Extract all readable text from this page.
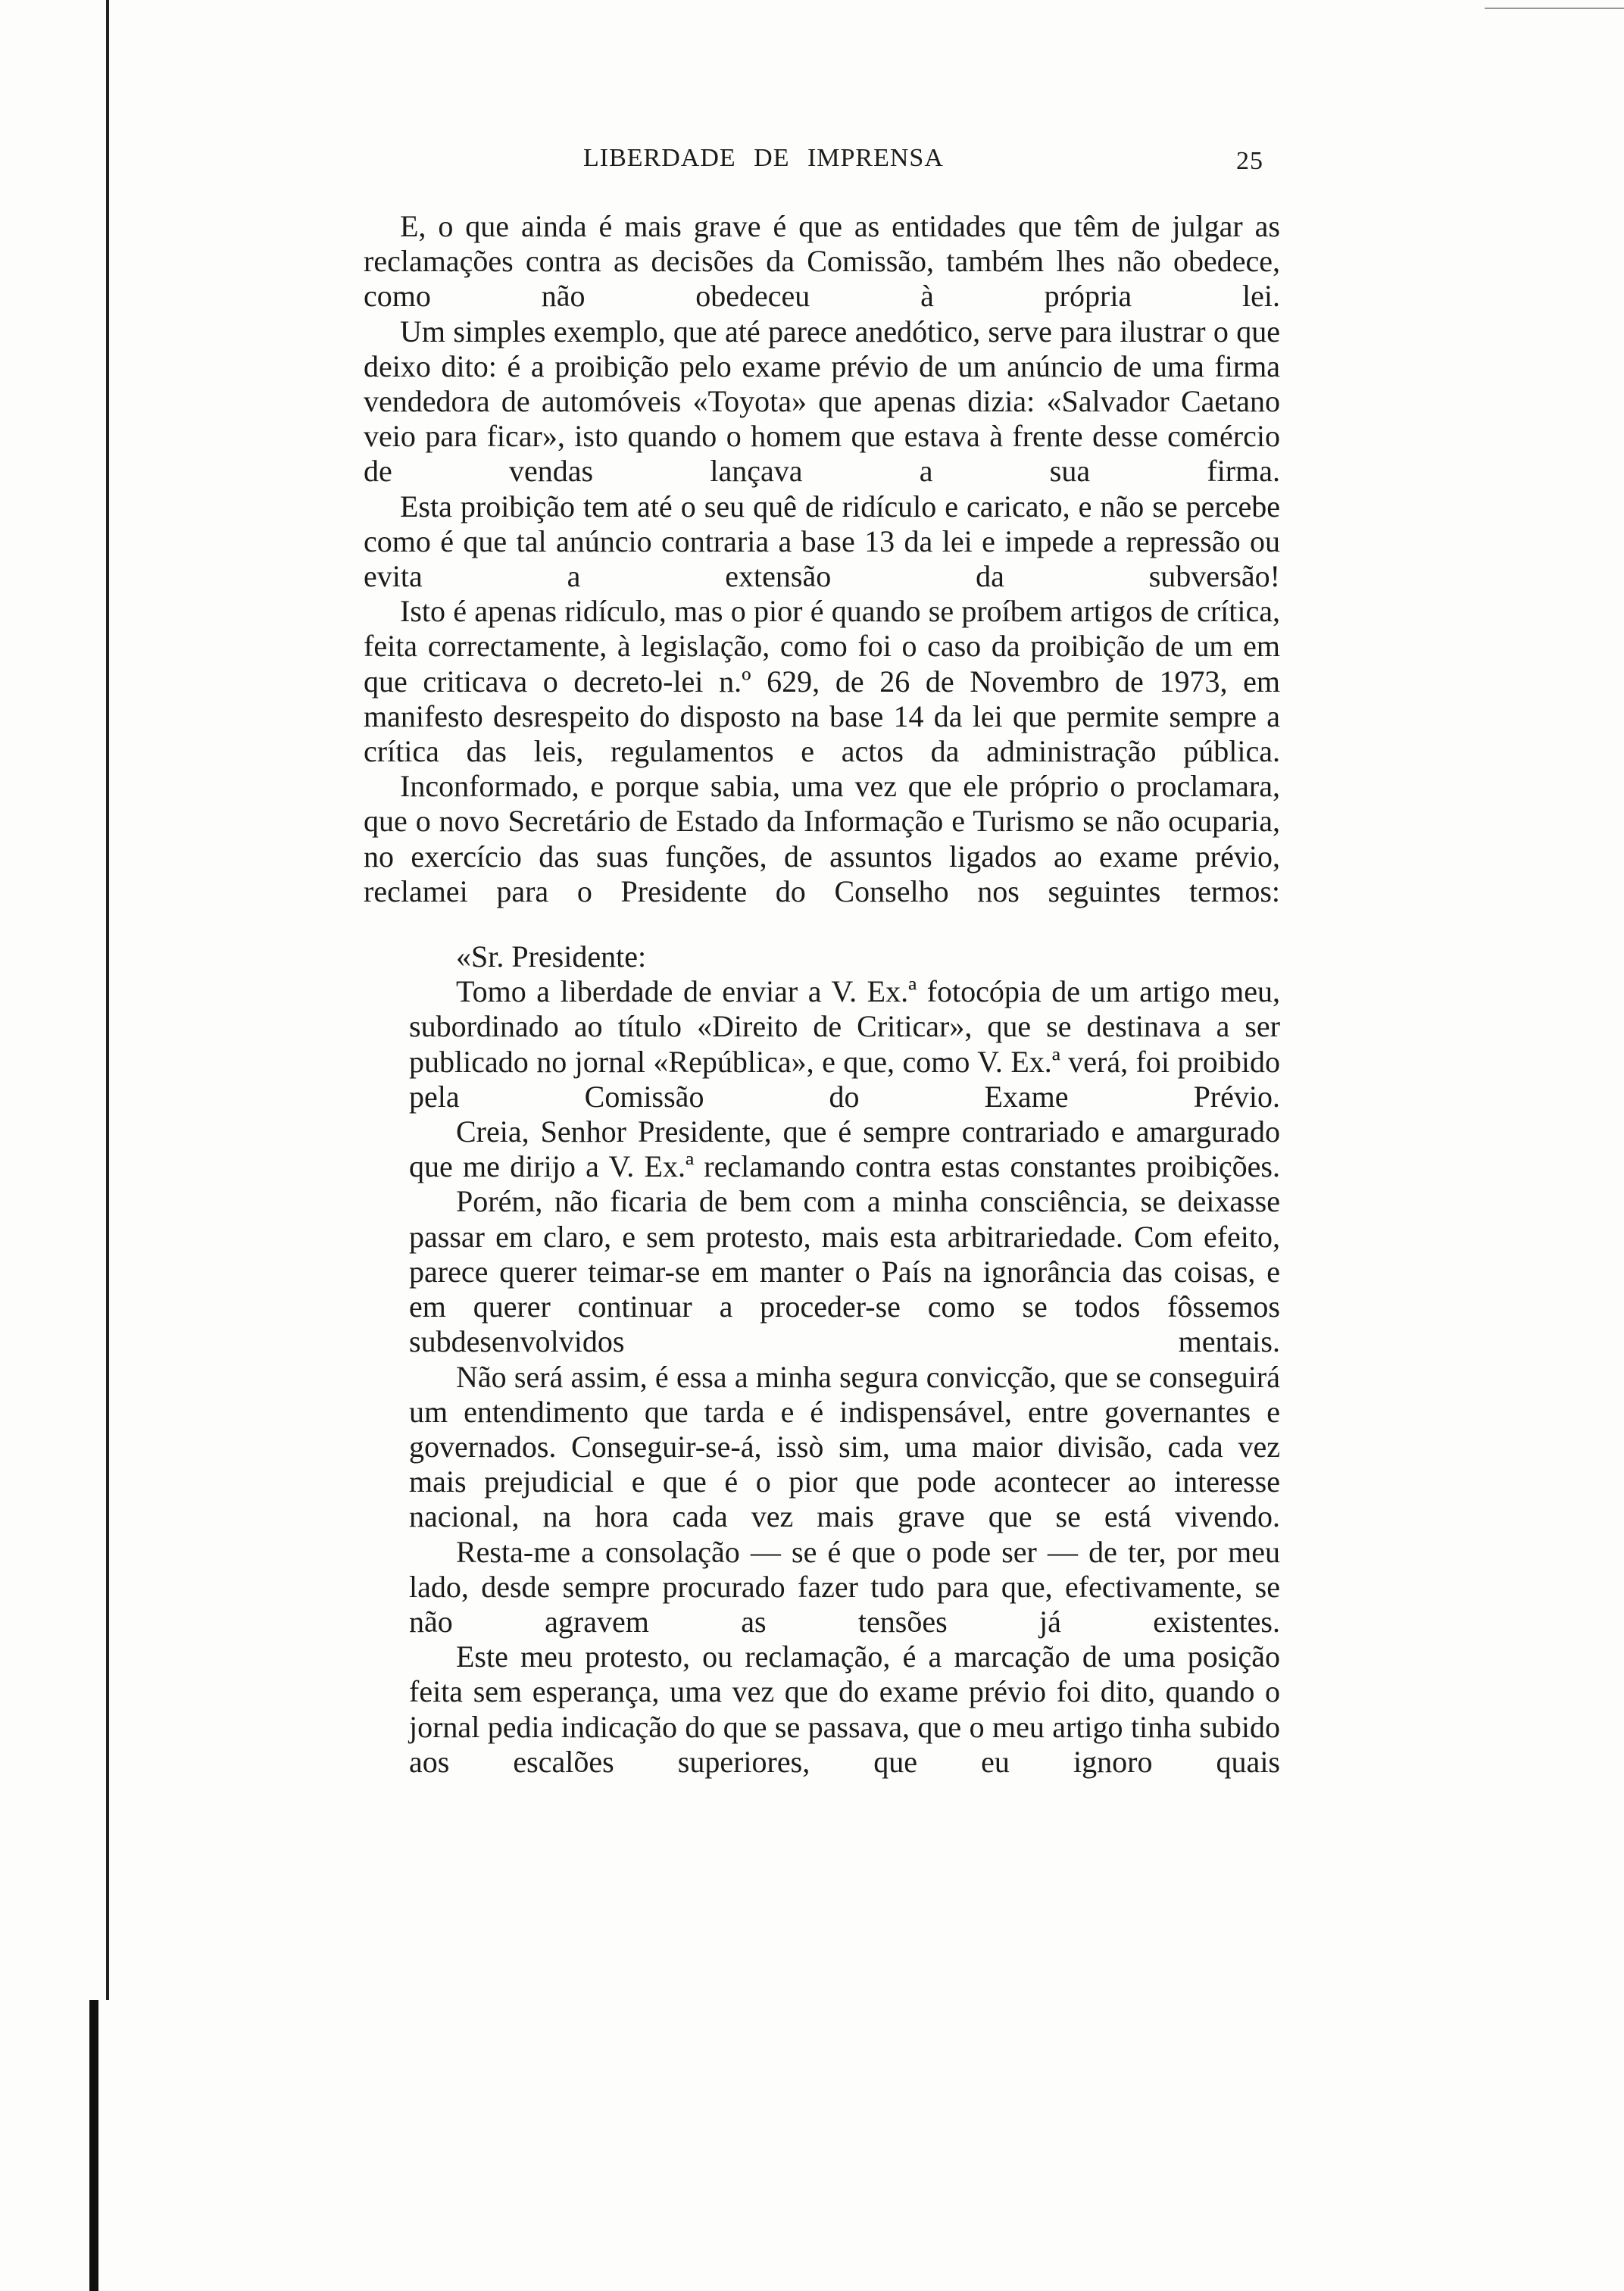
LIBERDADE DE IMPRENSA	25

E, o que ainda é mais grave é que as entidades que têm de julgar as reclamações contra as decisões da Comissão, também lhes não obedece, como não obedeceu à própria lei.

Um simples exemplo, que até parece anedótico, serve para ilustrar o que deixo dito: é a proibição pelo exame prévio de um anúncio de uma firma vendedora de automóveis «Toyota» que apenas dizia: «Salvador Caetano veio para ficar», isto quando o homem que estava à frente desse comércio de vendas lançava a sua firma.

Esta proibição tem até o seu quê de ridículo e caricato, e não se percebe como é que tal anúncio contraria a base 13 da lei e impede a repressão ou evita a extensão da subversão!

Isto é apenas ridículo, mas o pior é quando se proíbem artigos de crítica, feita correctamente, à legislação, como foi o caso da proibição de um em que criticava o decreto-lei n.º 629, de 26 de Novembro de 1973, em manifesto desrespeito do disposto na base 14 da lei que permite sempre a crítica das leis, regulamentos e actos da administração pública.

Inconformado, e porque sabia, uma vez que ele próprio o proclamara, que o novo Secretário de Estado da Informação e Turismo se não ocuparia, no exercício das suas funções, de assuntos ligados ao exame prévio, reclamei para o Presidente do Conselho nos seguintes termos:

«Sr. Presidente:

Tomo a liberdade de enviar a V. Ex.ª fotocópia de um artigo meu, subordinado ao título «Direito de Criticar», que se destinava a ser publicado no jornal «República», e que, como V. Ex.ª verá, foi proibido pela Comissão do Exame Prévio.

Creia, Senhor Presidente, que é sempre contrariado e amargurado que me dirijo a V. Ex.ª reclamando contra estas constantes proibições.

Porém, não ficaria de bem com a minha consciência, se deixasse passar em claro, e sem protesto, mais esta arbitrariedade. Com efeito, parece querer teimar-se em manter o País na ignorância das coisas, e em querer continuar a proceder-se como se todos fôssemos subdesenvolvidos mentais.

Não será assim, é essa a minha segura convicção, que se conseguirá um entendimento que tarda e é indispensável, entre governantes e governados. Conseguir-se-á, issò sim, uma maior divisão, cada vez mais prejudicial e que é o pior que pode acontecer ao interesse nacional, na hora cada vez mais grave que se está vivendo.

Resta-me a consolação — se é que o pode ser — de ter, por meu lado, desde sempre procurado fazer tudo para que, efectivamente, se não agravem as tensões já existentes.

Este meu protesto, ou reclamação, é a marcação de uma posição feita sem esperança, uma vez que do exame prévio foi dito, quando o jornal pedia indicação do que se passava, que o meu artigo tinha subido aos escalões superiores, que eu ignoro quais
